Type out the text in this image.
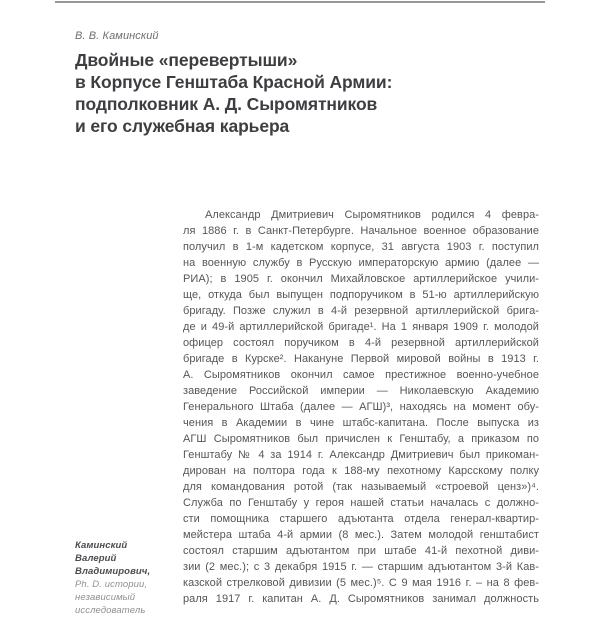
В. В. Каминский

Двойные «перевертыши»
в Корпусе Генштаба Красной Армии:
подполковник А. Д. Сыромятников
и его служебная карьера
Александр Дмитриевич Сыромятников родился 4 февра-
ля 1886 г. в Санкт-Петербурге. Начальное военное образование
получил в 1-м кадетском корпусе, 31 августа 1903 г. поступил
на военную службу в Русскую императорскую армию (далее —
РИА); в 1905 г. окончил Михайловское артиллерийское учили-
ще, откуда был выпущен подпоручиком в 51-ю артиллерийскую
бригаду. Позже служил в 4-й резервной артиллерийской брига-
де и 49-й артиллерийской бригаде¹. На 1 января 1909 г. молодой
офицер состоял поручиком в 4-й резервной артиллерийской
бригаде в Курске². Накануне Первой мировой войны в 1913 г.
А. Сыромятников окончил самое престижное военно-учебное
заведение Российской империи — Николаевскую Академию
Генерального Штаба (далее — АГШ)³, находясь на момент обу-
чения в Академии в чине штабс-капитана. После выпуска из
АГШ Сыромятников был причислен к Генштабу, а приказом по
Генштабу № 4 за 1914 г. Александр Дмитриевич был прикоман-
дирован на полтора года к 188-му пехотному Карсскому полку
для командования ротой (так называемый «строевой ценз»)⁴.
Служба по Генштабу у героя нашей статьи началась с должно-
сти помощника старшего адъютанта отдела генерал-квартир-
мейстера штаба 4-й армии (8 мес.). Затем молодой генштабист
состоял старшим адъютантом при штабе 41-й пехотной диви-
зии (2 мес.); с 3 декабря 1915 г. — старшим адъютантом 3-й Кав-
казской стрелковой дивизии (5 мес.)⁵. С 9 мая 1916 г. – на 8 фев-
раля 1917 г. капитан А. Д. Сыромятников занимал должность
Каминский
Валерий Владимирович,
Ph. D. истории,
независимый
исследователь
